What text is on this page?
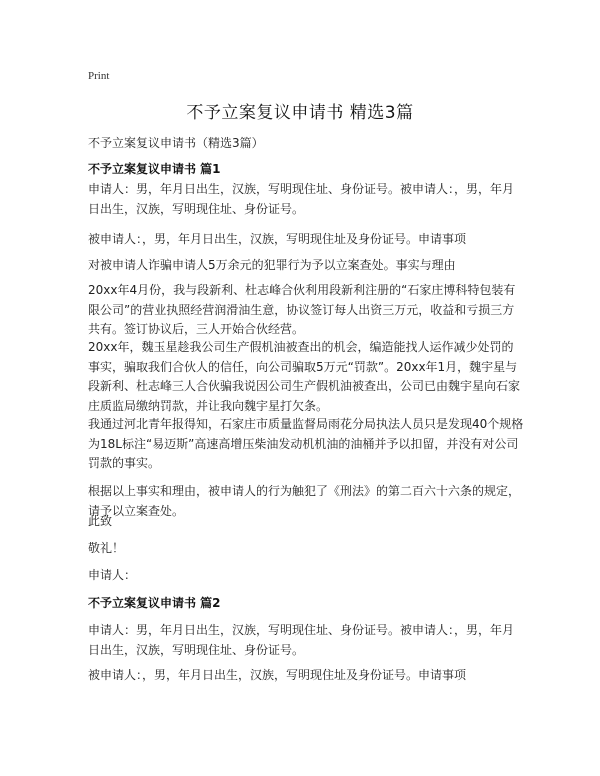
Print
不予立案复议申请书 精选3篇
不予立案复议申请书（精选3篇）
不予立案复议申请书 篇1
申请人：男，年月日出生，汉族，写明现住址、身份证号。被申请人：，男，年月日出生，汉族，写明现住址、身份证号。
被申请人：，男，年月日出生，汉族，写明现住址及身份证号。申请事项
对被申请人诈骗申请人5万余元的犯罪行为予以立案查处。事实与理由
20xx年4月份，我与段新利、杜志峰合伙利用段新利注册的“石家庄博科特包装有限公司”的营业执照经营润滑油生意，协议签订每人出资三万元，收益和亏损三方共有。签订协议后，三人开始合伙经营。
20xx年，魏玉星趁我公司生产假机油被查出的机会，编造能找人运作减少处罚的事实，骗取我们合伙人的信任，向公司骗取5万元“罚款”。20xx年1月，魏宇星与段新利、杜志峰三人合伙骗我说因公司生产假机油被查出，公司已由魏宇星向石家庄质监局缴纳罚款，并让我向魏宇星打欠条。
我通过河北青年报得知，石家庄市质量监督局雨花分局执法人员只是发现40个规格为18L标注“易迈斯”高速高增压柴油发动机机油的油桶并予以扣留，并没有对公司罚款的事实。
根据以上事实和理由，被申请人的行为触犯了《刑法》的第二百六十六条的规定，请予以立案查处。
此致
敬礼！
申请人：
不予立案复议申请书 篇2
申请人：男，年月日出生，汉族，写明现住址、身份证号。被申请人：，男，年月日出生，汉族，写明现住址、身份证号。
被申请人：，男，年月日出生，汉族，写明现住址及身份证号。申请事项
